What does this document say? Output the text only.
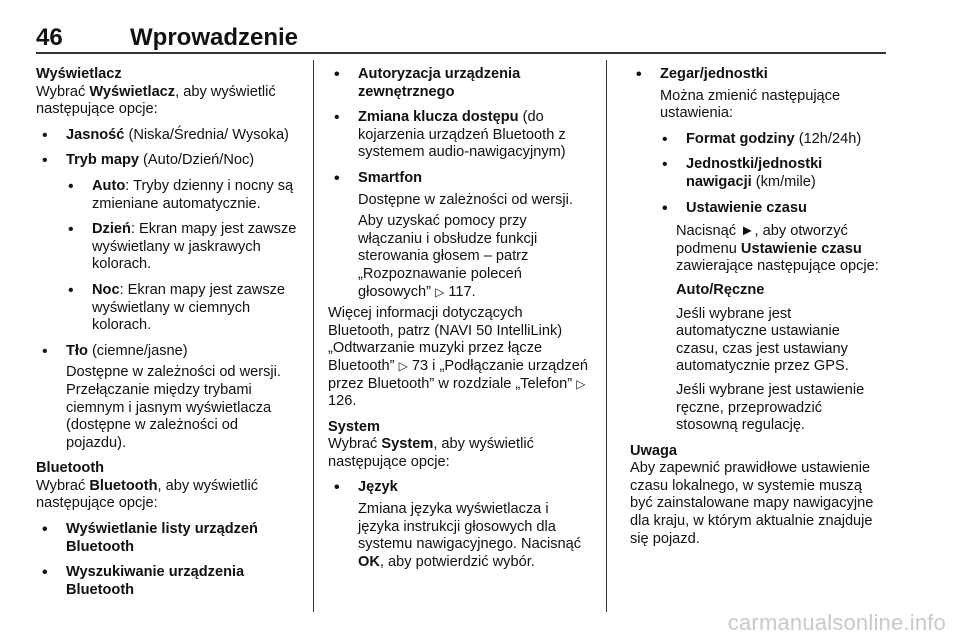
46	Wprowadzenie

Wyświetlacz

Wybrać Wyświetlacz, aby wyświetlić następujące opcje:

• Jasność (Niska/Średnia/ Wysoka)
• Tryb mapy (Auto/Dzień/Noc)
• Auto: Tryby dzienny i nocny są zmieniane automatycznie.
• Dzień: Ekran mapy jest zawsze wyświetlany w jaskrawych kolorach.
• Noc: Ekran mapy jest zawsze wyświetlany w ciemnych kolorach.
• Tło (ciemne/jasne)

Dostępne w zależności od wersji. Przełączanie między trybami ciemnym i jasnym wyświetlacza (dostępne w zależności od pojazdu).

Bluetooth

Wybrać Bluetooth, aby wyświetlić następujące opcje:

• Wyświetlanie listy urządzeń Bluetooth
• Wyszukiwanie urządzenia Bluetooth
• Autoryzacja urządzenia zewnętrznego
• Zmiana klucza dostępu (do kojarzenia urządzeń Bluetooth z systemem audio-nawigacyjnym)
• Smartfon

Dostępne w zależności od wersji.

Aby uzyskać pomocy przy włączaniu i obsłudze funkcji sterowania głosem – patrz „Rozpoznawanie poleceń głosowych” ▷ 117.

Więcej informacji dotyczących Bluetooth, patrz (NAVI 50 IntelliLink) „Odtwarzanie muzyki przez łącze Bluetooth” ▷ 73 i „Podłączanie urządzeń przez Bluetooth” w rozdziale „Telefon” ▷ 126.

System

Wybrać System, aby wyświetlić następujące opcje:

• Język

Zmiana języka wyświetlacza i języka instrukcji głosowych dla systemu nawigacyjnego. Nacisnąć OK, aby potwierdzić wybór.

• Zegar/jednostki

Można zmienić następujące ustawienia:

• Format godziny (12h/24h)
• Jednostki/jednostki nawigacji (km/mile)
• Ustawienie czasu

Nacisnąć ►, aby otworzyć podmenu Ustawienie czasu zawierające następujące opcje:

Auto/Ręczne

Jeśli wybrane jest automatyczne ustawianie czasu, czas jest ustawiany automatycznie przez GPS.

Jeśli wybrane jest ustawienie ręczne, przeprowadzić stosowną regulację.

Uwaga

Aby zapewnić prawidłowe ustawienie czasu lokalnego, w systemie muszą być zainstalowane mapy nawigacyjne dla kraju, w którym aktualnie znajduje się pojazd.

carmanualsonline.info
